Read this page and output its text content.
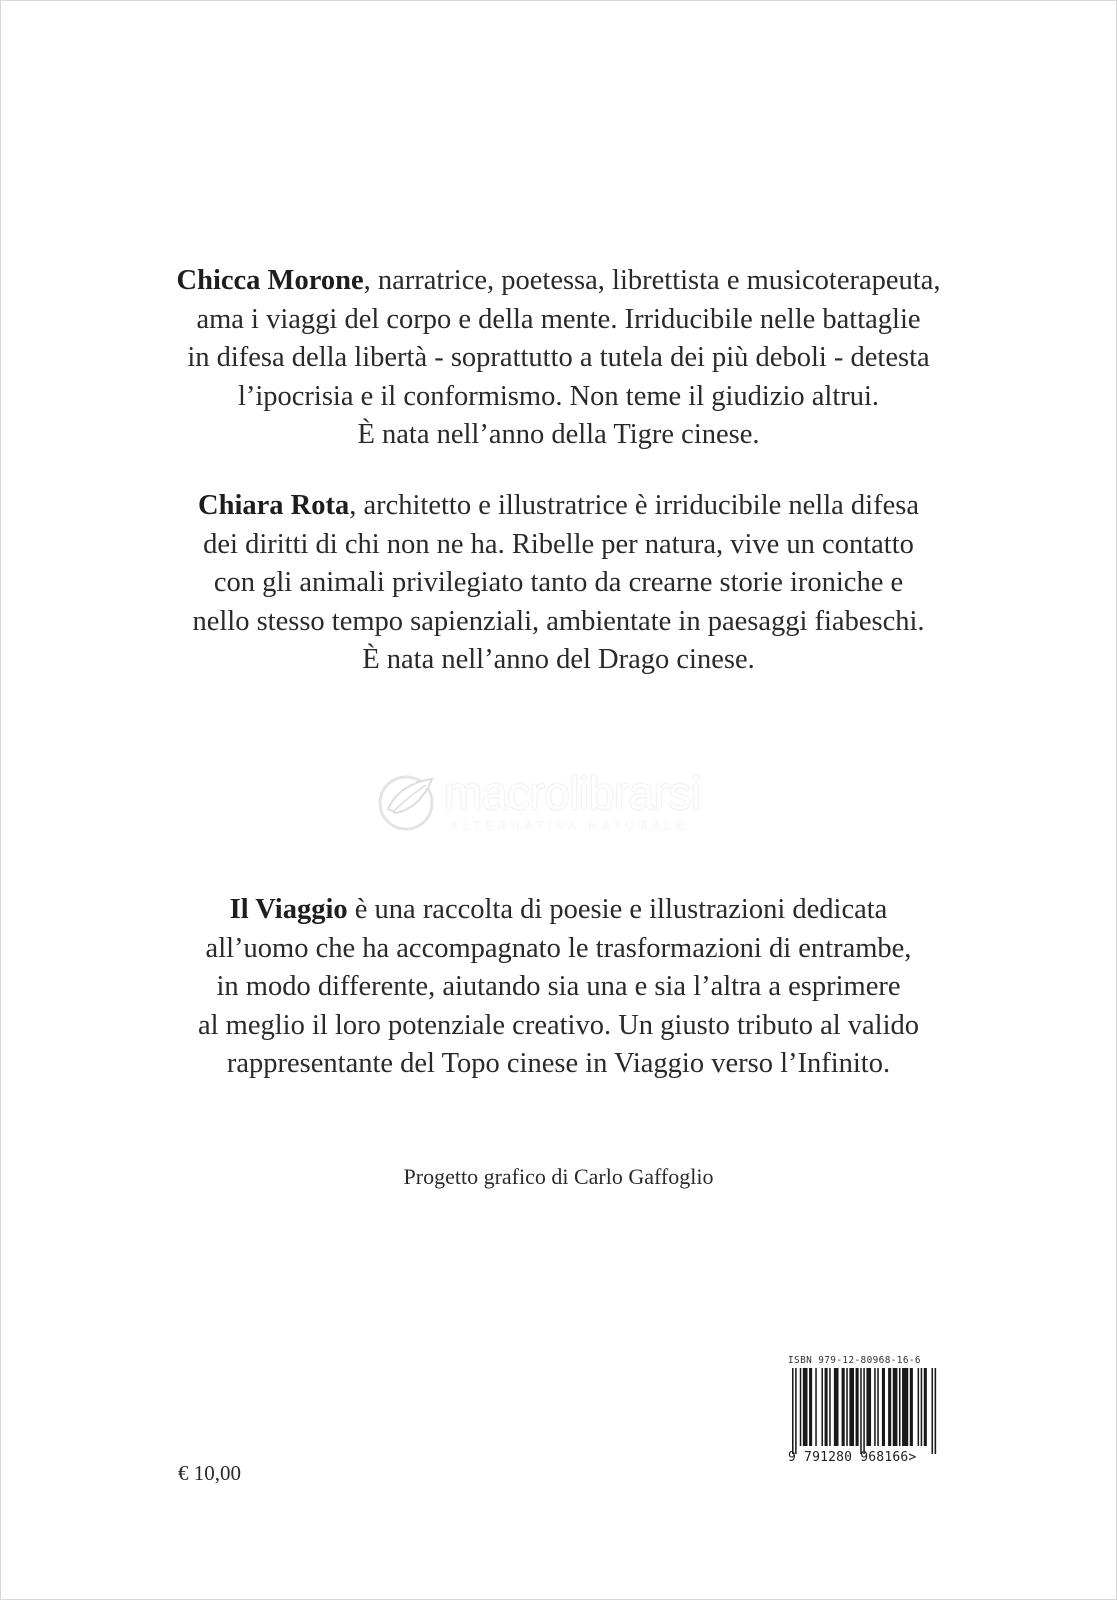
Chicca Morone, narratrice, poetessa, librettista e musicoterapeuta,
ama i viaggi del corpo e della mente. Irriducibile nelle battaglie
in difesa della libertà - soprattutto a tutela dei più deboli - detesta
l’ipocrisia e il conformismo. Non teme il giudizio altrui.
È nata nell’anno della Tigre cinese.
Chiara Rota, architetto e illustratrice è irriducibile nella difesa
dei diritti di chi non ne ha. Ribelle per natura, vive un contatto
con gli animali privilegiato tanto da crearne storie ironiche e
nello stesso tempo sapienziali, ambientate in paesaggi fiabeschi.
È nata nell’anno del Drago cinese.
macrolibrarsi
ALTERNATIVA NATURALE
Il Viaggio è una raccolta di poesie e illustrazioni dedicata
all’uomo che ha accompagnato le trasformazioni di entrambe,
in modo differente, aiutando sia una e sia l’altra a esprimere
al meglio il loro potenziale creativo. Un giusto tributo al valido
rappresentante del Topo cinese in Viaggio verso l’Infinito.
Progetto grafico di Carlo Gaffoglio
€ 10,00
ISBN 979-12-80968-16-6
9 791280 968166>
